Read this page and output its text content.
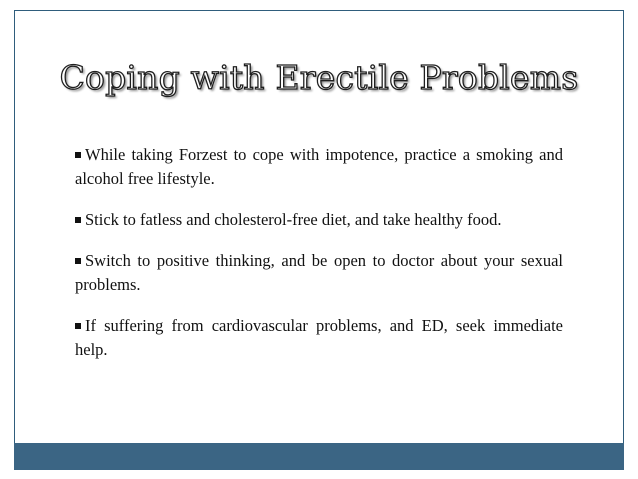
Coping with Erectile Problems

While taking Forzest to cope with impotence, practice a smoking and alcohol free lifestyle.

Stick to fatless and cholesterol-free diet, and take healthy food.

Switch to positive thinking, and be open to doctor about your sexual problems.

If suffering from cardiovascular problems, and ED, seek immediate help.
